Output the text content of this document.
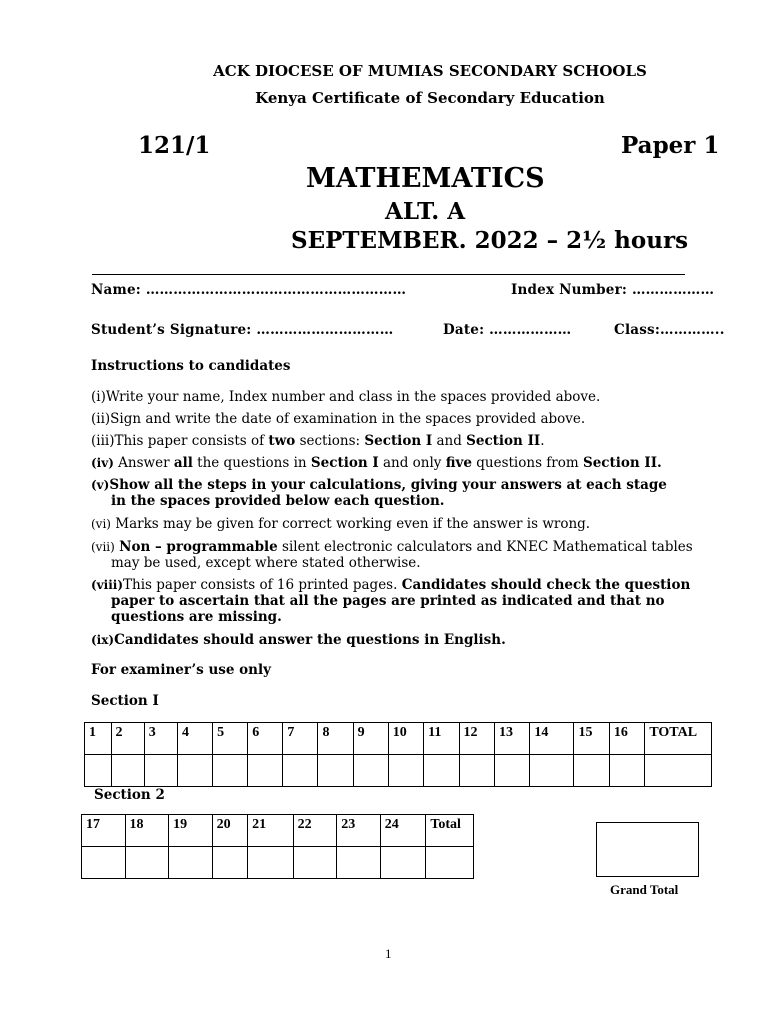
ACK DIOCESE OF MUMIAS SECONDARY SCHOOLS
Kenya Certificate of Secondary Education
121/1	Paper 1
MATHEMATICS
ALT. A
SEPTEMBER. 2022 – 2½ hours
Name: …………………………………………………	Index Number: ………………
Student’s Signature: …………………………	Date: ………………	Class:…………..
Instructions to candidates
(i)Write your name, Index number and class in the spaces provided above.
(ii)Sign and write the date of examination in the spaces provided above.
(iii)This paper consists of two sections: Section I and Section II.
(iv) Answer all the questions in Section I and only five questions from Section II.
(v)Show all the steps in your calculations, giving your answers at each stage
in the spaces provided below each question.
(vi) Marks may be given for correct working even if the answer is wrong.
(vii) Non – programmable silent electronic calculators and KNEC Mathematical tables
may be used, except where stated otherwise.
(viii)This paper consists of 16 printed pages. Candidates should check the question
paper to ascertain that all the pages are printed as indicated and that no
questions are missing.
(ix)Candidates should answer the questions in English.
For examiner’s use only
Section I
1	2	3	4	5	6	7	8	9	10	11	12	13	14	15	16	TOTAL

Section 2
17	18	19	20	21	22	23	24	Total

Grand Total
1
